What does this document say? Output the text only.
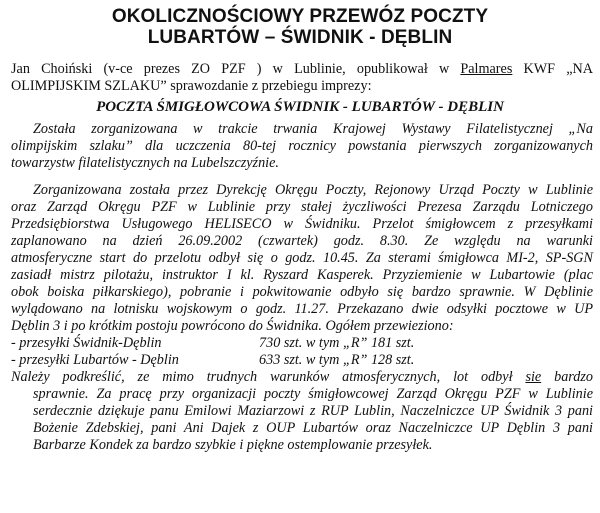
OKOLICZNOŚCIOWY PRZEWÓZ POCZTY
LUBARTÓW – ŚWIDNIK - DĘBLIN
Jan Choiński (v-ce prezes ZO PZF ) w Lublinie, opublikował w Palmares KWF „NA
OLIMPIJSKIM SZLAKU” sprawozdanie z przebiegu imprezy:
POCZTA ŚMIGŁOWCOWA ŚWIDNIK - LUBARTÓW - DĘBLIN
Została zorganizowana w trakcie trwania Krajowej Wystawy Filatelistycznej „Na
olimpijskim szlaku” dla uczczenia 80-tej rocznicy powstania pierwszych zorganizowanych
towarzystw filatelistycznych na Lubelszczyźnie.
Zorganizowana została przez Dyrekcję Okręgu Poczty, Rejonowy Urząd Poczty w Lublinie
oraz Zarząd Okręgu PZF w Lublinie przy stałej życzliwości Prezesa Zarządu Lotniczego
Przedsiębiorstwa Usługowego HELISECO w Świdniku. Przelot śmigłowcem z przesyłkami
zaplanowano na dzień 26.09.2002 (czwartek) godz. 8.30. Ze względu na warunki
atmosferyczne start do przelotu odbył się o godz. 10.45. Za sterami śmigłowca MI-2, SP-SGN
zasiadł mistrz pilotażu, instruktor I kl. Ryszard Kasperek. Przyziemienie w Lubartowie (plac
obok boiska piłkarskiego), pobranie i pokwitowanie odbyło się bardzo sprawnie. W Dęblinie
wylądowano na lotnisku wojskowym o godz. 11.27. Przekazano dwie odsyłki pocztowe w UP
Dęblin 3 i po krótkim postoju powrócono do Świdnika. Ogółem przewieziono:
- przesyłki Świdnik-Dęblin	730 szt. w tym „R” 181 szt.
- przesyłki Lubartów - Dęblin	633 szt. w tym „R” 128 szt.
Należy podkreślić, ze mimo trudnych warunków atmosferycznych, lot odbył sie bardzo
sprawnie. Za pracę przy organizacji poczty śmigłowcowej Zarząd Okręgu PZF w Lublinie
serdecznie dziękuje panu Emilowi Maziarzowi z RUP Lublin, Naczelniczce UP Świdnik 3 pani
Bożenie Zdebskiej, pani Ani Dajek z OUP Lubartów oraz Naczelniczce UP Dęblin 3 pani
Barbarze Kondek za bardzo szybkie i piękne ostemplowanie przesyłek.
